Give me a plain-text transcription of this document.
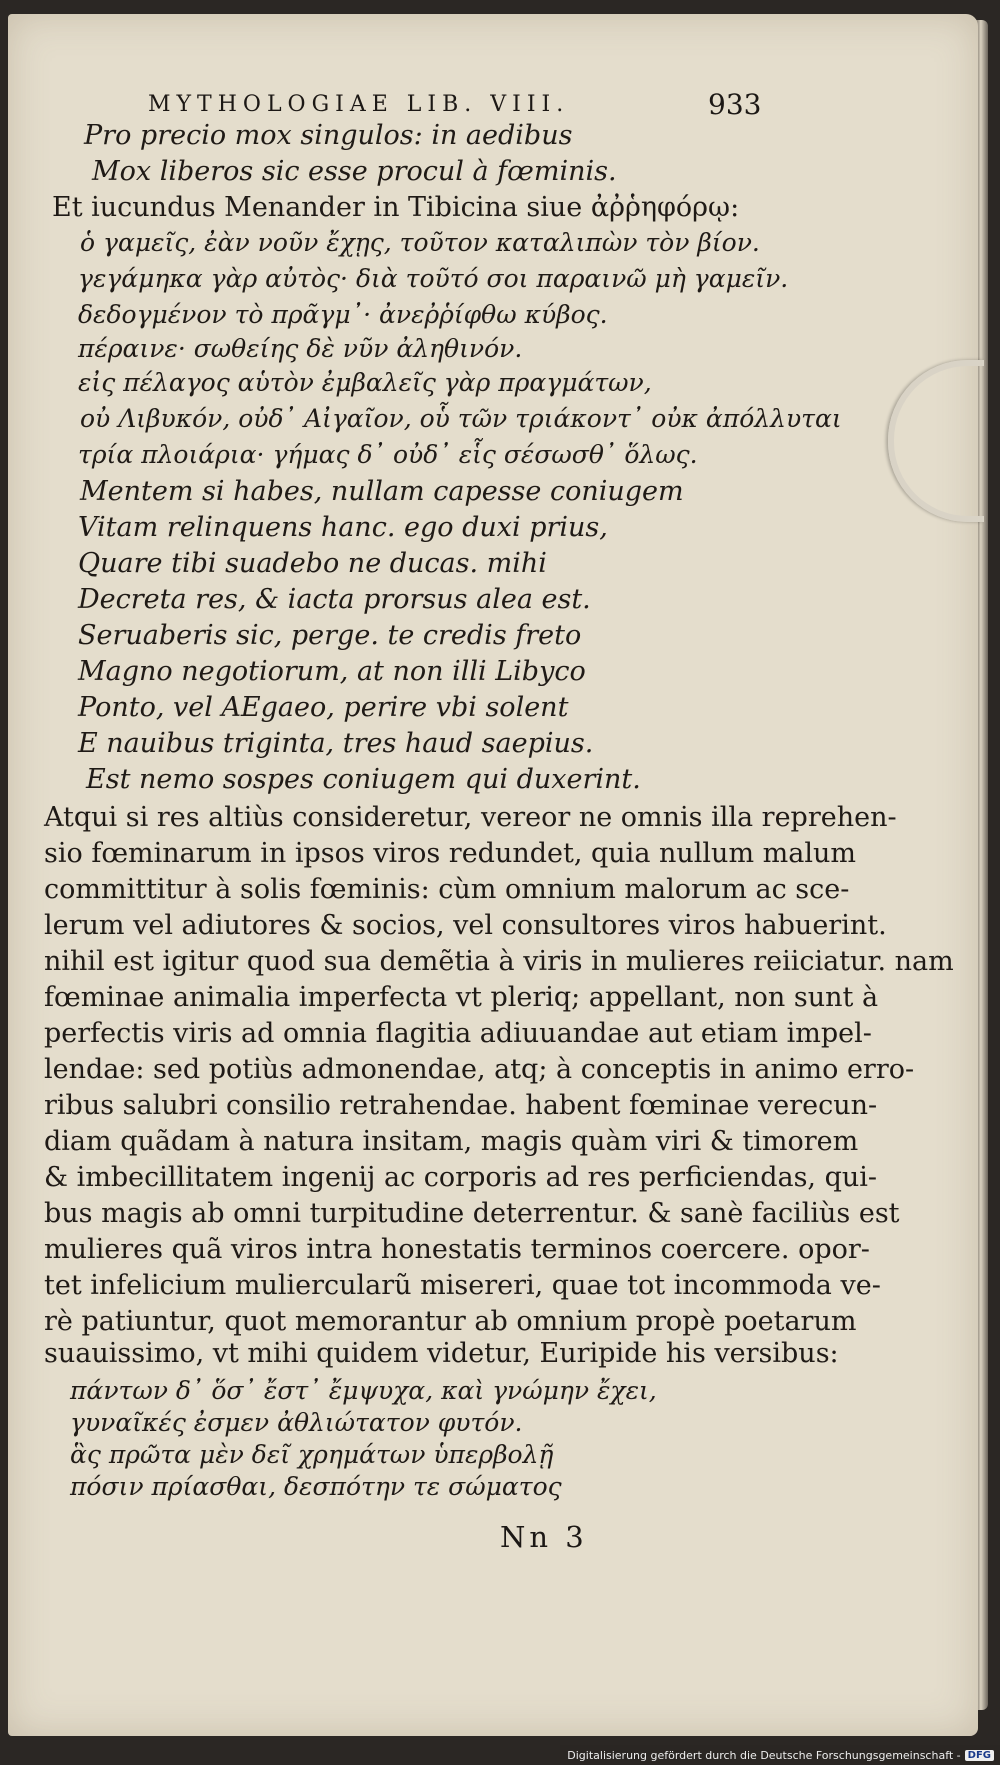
MYTHOLOGIAE LIB. VIII.	933
Pro precio mox singulos: in aedibus
Mox liberos sic esse procul à fœminis.
Et iucundus Menander in Tibicina siue ἀῤῥηφόρῳ:
ὁ γαμεῖς, ἐὰν νοῦν ἔχῃς, τοῦτον καταλιπὼν τὸν βίον.
γεγάμηκα γὰρ αὐτὸς· διὰ τοῦτό σοι παραινῶ μὴ γαμεῖν.
δεδογμένον τὸ πρᾶγμ᾽· ἀνεῤῥίφθω κύβος.
πέραινε· σωθείης δὲ νῦν ἀληθινόν.
εἰς πέλαγος αὑτὸν ἐμβαλεῖς γὰρ πραγμάτων,
οὐ Λιβυκόν, οὐδ᾽ Αἰγαῖον, οὗ τῶν τριάκοντ᾽ οὐκ ἀπόλλυται
τρία πλοιάρια· γήμας δ᾽ οὐδ᾽ εἷς σέσωσθ᾽ ὅλως.
Mentem si habes, nullam capesse coniugem
Vitam relinquens hanc. ego duxi prius,
Quare tibi suadebo ne ducas. mihi
Decreta res, & iacta prorsus alea est.
Seruaberis sic, perge. te credis freto
Magno negotiorum, at non illi Libyco
Ponto, vel AEgaeo, perire vbi solent
E nauibus triginta, tres haud saepius.
Est nemo sospes coniugem qui duxerint.
Atqui si res altiùs consideretur, vereor ne omnis illa reprehen-
sio fœminarum in ipsos viros redundet, quia nullum malum
committitur à solis fœminis: cùm omnium malorum ac sce-
lerum vel adiutores & socios, vel consultores viros habuerint.
nihil est igitur quod sua demẽtia à viris in mulieres reiiciatur. nam
fœminae animalia imperfecta vt pleriq; appellant, non sunt à
perfectis viris ad omnia flagitia adiuuandae aut etiam impel-
lendae: sed potiùs admonendae, atq; à conceptis in animo erro-
ribus salubri consilio retrahendae. habent fœminae verecun-
diam quãdam à natura insitam, magis quàm viri & timorem
& imbecillitatem ingenij ac corporis ad res perficiendas, qui-
bus magis ab omni turpitudine deterrentur. & sanè faciliùs est
mulieres quã viros intra honestatis terminos coercere. opor-
tet infelicium muliercularũ misereri, quae tot incommoda ve-
rè patiuntur, quot memorantur ab omnium propè poetarum
suauissimo, vt mihi quidem videtur, Euripide his versibus:
πάντων δ᾽ ὅσ᾽ ἔστ᾽ ἔμψυχα, καὶ γνώμην ἔχει,
γυναῖκές ἐσμεν ἀθλιώτατον φυτόν.
ἃς πρῶτα μὲν δεῖ χρημάτων ὑπερβολῇ
πόσιν πρίασθαι, δεσπότην τε σώματος
Nn 3
Digitalisierung gefördert durch die Deutsche Forschungsgemeinschaft - DFG
